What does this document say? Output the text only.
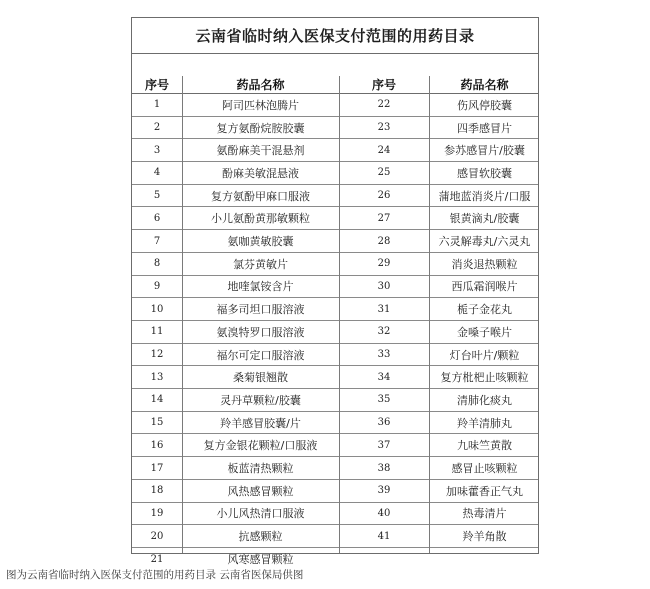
云南省临时纳入医保支付范围的用药目录
序号	药品名称	序号	药品名称
1	阿司匹林泡腾片	22	伤风停胶囊
2	复方氨酚烷胺胶囊	23	四季感冒片
3	氨酚麻美干混悬剂	24	参苏感冒片/胶囊
4	酚麻美敏混悬液	25	感冒软胶囊
5	复方氨酚甲麻口服液	26	蒲地蓝消炎片/口服
6	小儿氨酚黄那敏颗粒	27	银黄滴丸/胶囊
7	氨咖黄敏胶囊	28	六灵解毒丸/六灵丸
8	氯芬黄敏片	29	消炎退热颗粒
9	地喹氯铵含片	30	西瓜霜润喉片
10	福多司坦口服溶液	31	栀子金花丸
11	氨溴特罗口服溶液	32	金嗓子喉片
12	福尔可定口服溶液	33	灯台叶片/颗粒
13	桑菊银翘散	34	复方枇杷止咳颗粒
14	灵丹草颗粒/胶囊	35	清肺化痰丸
15	羚羊感冒胶囊/片	36	羚羊清肺丸
16	复方金银花颗粒/口服液	37	九味竺黄散
17	板蓝清热颗粒	38	感冒止咳颗粒
18	风热感冒颗粒	39	加味藿香正气丸
19	小儿风热清口服液	40	热毒清片
20	抗感颗粒	41	羚羊角散
21	风寒感冒颗粒
图为云南省临时纳入医保支付范围的用药目录 云南省医保局供图
